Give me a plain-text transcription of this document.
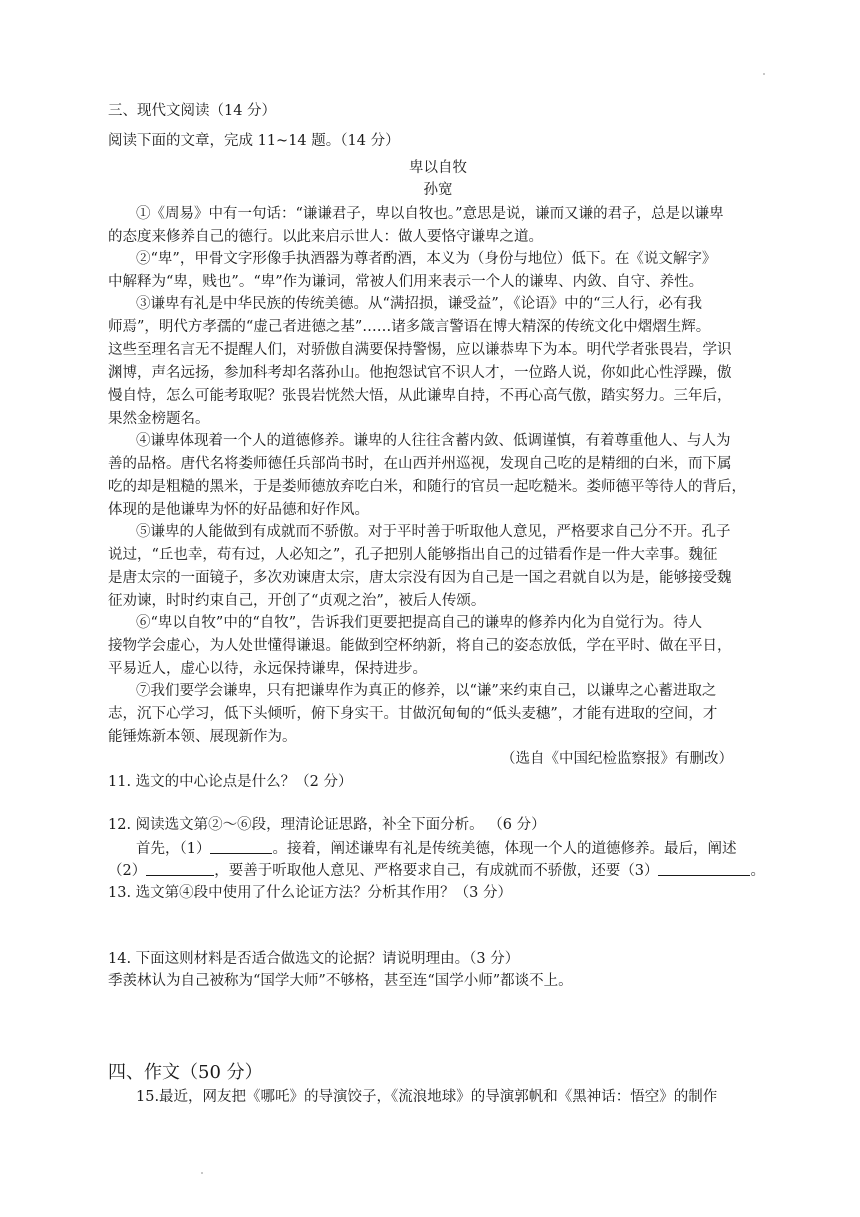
三、现代文阅读（14 分）
阅读下面的文章，完成 11~14 题。（14 分）
卑以自牧
孙宽
①《周易》中有一句话：“谦谦君子，卑以自牧也。”意思是说，谦而又谦的君子，总是以谦卑
的态度来修养自己的德行。以此来启示世人：做人要恪守谦卑之道。
②“卑”，甲骨文字形像手执酒器为尊者酌酒，本义为（身份与地位）低下。在《说文解字》
中解释为“卑，贱也”。“卑”作为谦词，常被人们用来表示一个人的谦卑、内敛、自守、养性。
③谦卑有礼是中华民族的传统美德。从“满招损，谦受益”，《论语》中的“三人行，必有我
师焉”，明代方孝孺的“虚己者进德之基”……诸多箴言警语在博大精深的传统文化中熠熠生辉。
这些至理名言无不提醒人们，对骄傲自满要保持警惕，应以谦恭卑下为本。明代学者张畏岩，学识
渊博，声名远扬，参加科考却名落孙山。他抱怨试官不识人才，一位路人说，你如此心性浮躁，傲
慢自恃，怎么可能考取呢？张畏岩恍然大悟，从此谦卑自持，不再心高气傲，踏实努力。三年后，
果然金榜题名。
④谦卑体现着一个人的道德修养。谦卑的人往往含蓄内敛、低调谨慎，有着尊重他人、与人为
善的品格。唐代名将娄师德任兵部尚书时，在山西并州巡视，发现自己吃的是精细的白米，而下属
吃的却是粗糙的黑米，于是娄师德放弃吃白米，和随行的官员一起吃糙米。娄师德平等待人的背后，
体现的是他谦卑为怀的好品德和好作风。
⑤谦卑的人能做到有成就而不骄傲。对于平时善于听取他人意见，严格要求自己分不开。孔子
说过，“丘也幸，苟有过，人必知之”，孔子把别人能够指出自己的过错看作是一件大幸事。魏征
是唐太宗的一面镜子，多次劝谏唐太宗，唐太宗没有因为自己是一国之君就自以为是，能够接受魏
征劝谏，时时约束自己，开创了“贞观之治”，被后人传颂。
⑥“卑以自牧”中的“自牧”，告诉我们更要把提高自己的谦卑的修养内化为自觉行为。待人
接物学会虚心，为人处世懂得谦退。能做到空杯纳新，将自己的姿态放低，学在平时、做在平日，
平易近人，虚心以待，永远保持谦卑，保持进步。
⑦我们要学会谦卑，只有把谦卑作为真正的修养，以“谦”来约束自己，以谦卑之心蓄进取之
志，沉下心学习，低下头倾听，俯下身实干。甘做沉甸甸的“低头麦穗”，才能有进取的空间，才
能锤炼新本领、展现新作为。
（选自《中国纪检监察报》有删改）
11. 选文的中心论点是什么？（2 分）
12. 阅读选文第②～⑥段，理清论证思路，补全下面分析。 （6 分）
首先，（1）	。接着，阐述谦卑有礼是传统美德，体现一个人的道德修养。最后，阐述
（2）	，要善于听取他人意见、严格要求自己，有成就而不骄傲，还要（3）	。
13. 选文第④段中使用了什么论证方法？分析其作用？（3 分）
14. 下面这则材料是否适合做选文的论据？请说明理由。（3 分）
季羡林认为自己被称为“国学大师”不够格，甚至连“国学小师”都谈不上。
四、作文（50 分）
15.最近，网友把《哪吒》的导演饺子，《流浪地球》的导演郭帆和《黑神话：悟空》的制作
